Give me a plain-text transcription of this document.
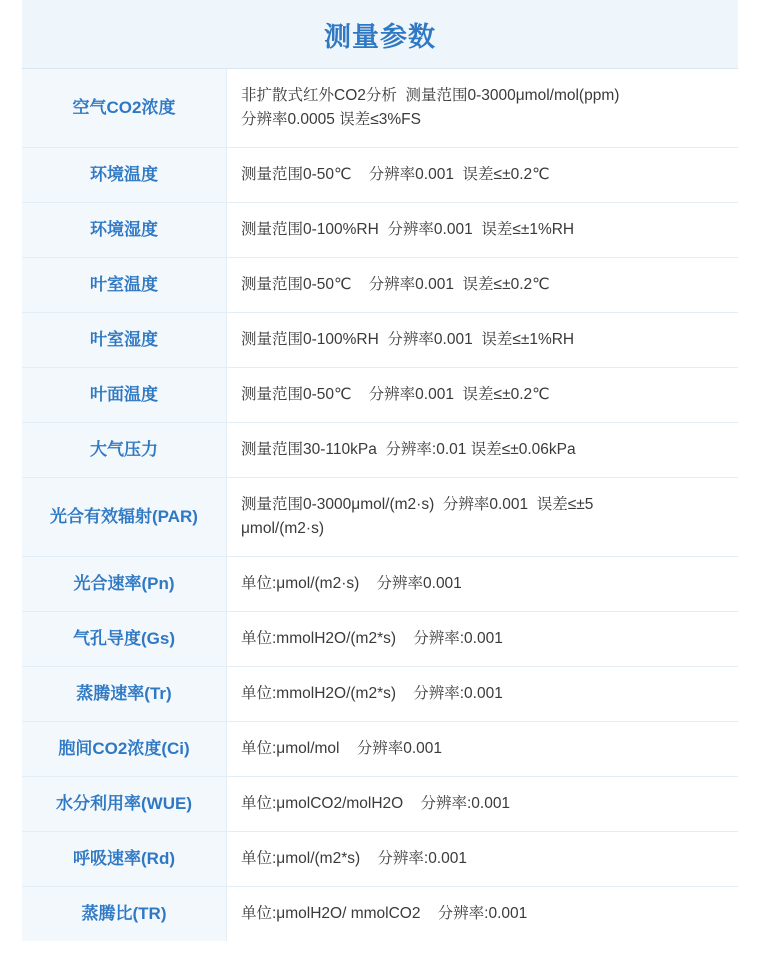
测量参数
空气CO2浓度	非扩散式红外CO2分析  测量范围0-3000μmol/mol(ppm)
分辨率0.0005 误差≤3%FS

环境温度	测量范围0-50℃    分辨率0.001  误差≤±0.2℃

环境湿度	测量范围0-100%RH  分辨率0.001  误差≤±1%RH

叶室温度	测量范围0-50℃    分辨率0.001  误差≤±0.2℃

叶室湿度	测量范围0-100%RH  分辨率0.001  误差≤±1%RH

叶面温度	测量范围0-50℃    分辨率0.001  误差≤±0.2℃

大气压力	测量范围30-110kPa  分辨率:0.01 误差≤±0.06kPa

光合有效辐射(PAR)	测量范围0-3000μmol/(m2·s)  分辨率0.001  误差≤±5
μmol/(m2·s)

光合速率(Pn)	单位:μmol/(m2·s)    分辨率0.001

气孔导度(Gs)	单位:mmolH2O/(m2*s)    分辨率:0.001

蒸腾速率(Tr)	单位:mmolH2O/(m2*s)    分辨率:0.001

胞间CO2浓度(Ci)	单位:μmol/mol    分辨率0.001

水分利用率(WUE)	单位:μmolCO2/molH2O    分辨率:0.001

呼吸速率(Rd)	单位:μmol/(m2*s)    分辨率:0.001

蒸腾比(TR)	单位:μmolH2O/ mmolCO2    分辨率:0.001
